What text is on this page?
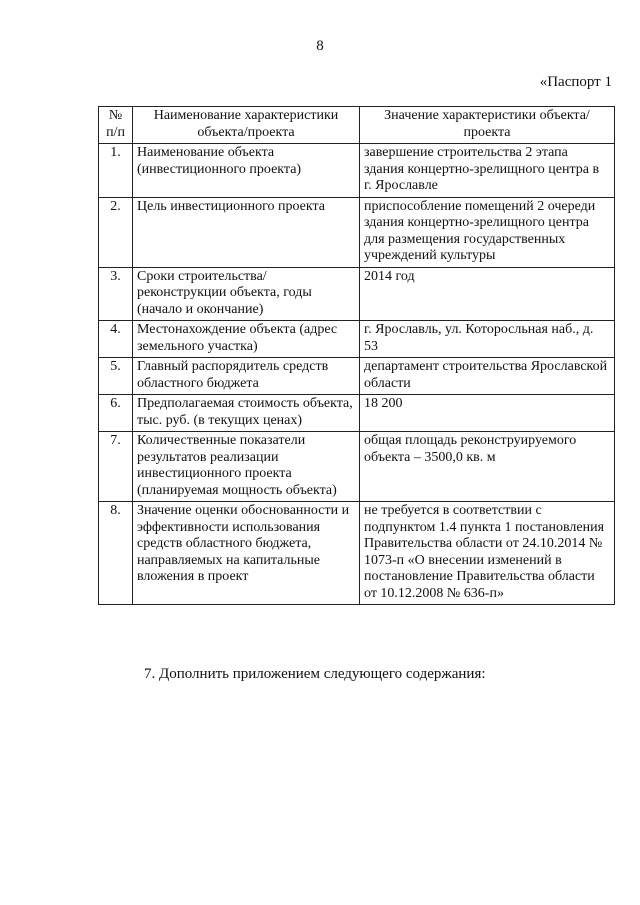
8
«Паспорт 1
№ п/п	Наименование характеристики объекта/проекта	Значение характеристики объекта/проекта
1.	Наименование объекта (инвестиционного проекта)	завершение строительства 2 этапа здания концертно-зрелищного центра в г. Ярославле
2.	Цель инвестиционного проекта	приспособление помещений 2 очереди здания концертно-зрелищного центра для размещения государственных учреждений культуры
3.	Сроки строительства/ реконструкции объекта, годы (начало и окончание)	2014 год
4.	Местонахождение объекта (адрес земельного участка)	г. Ярославль, ул. Которосльная наб., д. 53
5.	Главный распорядитель средств областного бюджета	департамент строительства Ярославской области
6.	Предполагаемая стоимость объекта, тыс. руб. (в текущих ценах)	18 200
7.	Количественные показатели результатов реализации инвестиционного проекта (планируемая мощность объекта)	общая площадь реконструируемого объекта – 3500,0 кв. м
8.	Значение оценки обоснованности и эффективности использования средств областного бюджета, направляемых на капитальные вложения в проект	не требуется в соответствии с подпунктом 1.4 пункта 1 постановления Правительства области от 24.10.2014 № 1073-п «О внесении изменений в постановление Правительства области от 10.12.2008 № 636-п»
7. Дополнить приложением следующего содержания:
